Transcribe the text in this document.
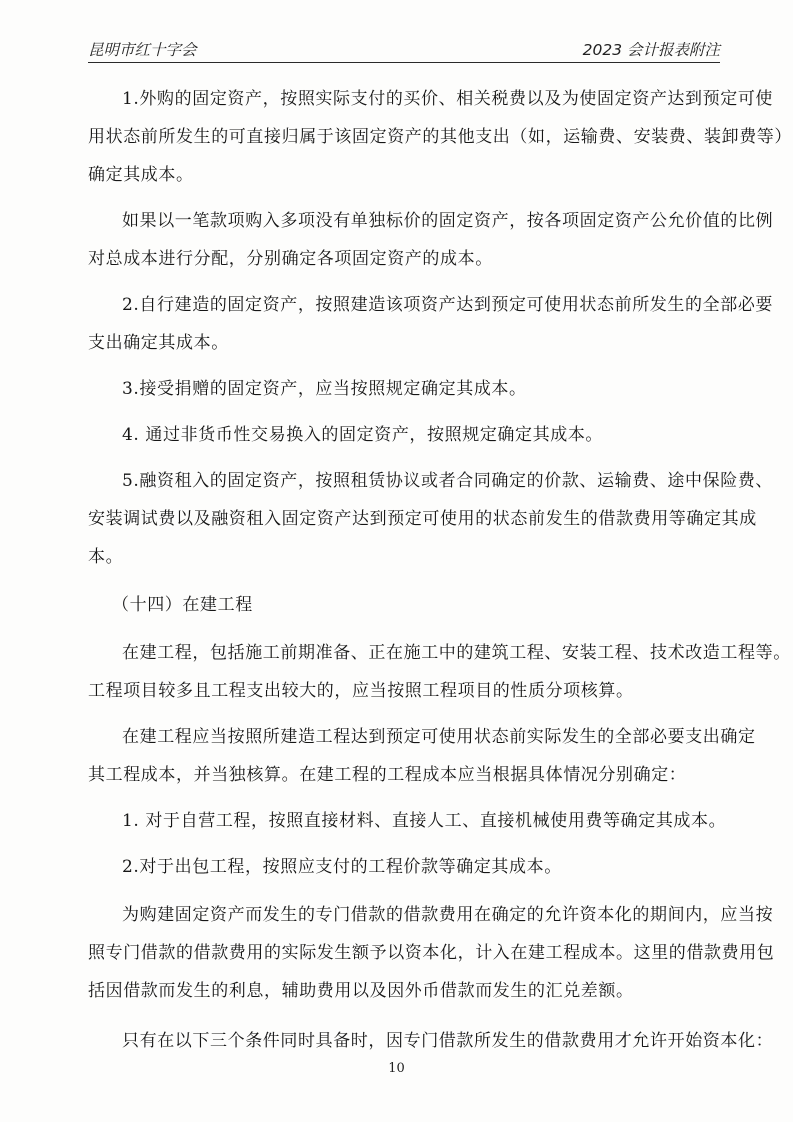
昆明市红十字会	2023 会计报表附注
1.外购的固定资产，按照实际支付的买价、相关税费以及为使固定资产达到预定可使
用状态前所发生的可直接归属于该固定资产的其他支出（如，运输费、安装费、装卸费等）
确定其成本。
如果以一笔款项购入多项没有单独标价的固定资产，按各项固定资产公允价值的比例
对总成本进行分配，分别确定各项固定资产的成本。
2.自行建造的固定资产，按照建造该项资产达到预定可使用状态前所发生的全部必要
支出确定其成本。
3.接受捐赠的固定资产，应当按照规定确定其成本。
4. 通过非货币性交易换入的固定资产，按照规定确定其成本。
5.融资租入的固定资产，按照租赁协议或者合同确定的价款、运输费、途中保险费、
安装调试费以及融资租入固定资产达到预定可使用的状态前发生的借款费用等确定其成
本。
（十四）在建工程
在建工程，包括施工前期准备、正在施工中的建筑工程、安装工程、技术改造工程等。
工程项目较多且工程支出较大的，应当按照工程项目的性质分项核算。
在建工程应当按照所建造工程达到预定可使用状态前实际发生的全部必要支出确定
其工程成本，并当独核算。在建工程的工程成本应当根据具体情况分别确定：
1. 对于自营工程，按照直接材料、直接人工、直接机械使用费等确定其成本。
2.对于出包工程，按照应支付的工程价款等确定其成本。
为购建固定资产而发生的专门借款的借款费用在确定的允许资本化的期间内，应当按
照专门借款的借款费用的实际发生额予以资本化，计入在建工程成本。这里的借款费用包
括因借款而发生的利息，辅助费用以及因外币借款而发生的汇兑差额。
只有在以下三个条件同时具备时，因专门借款所发生的借款费用才允许开始资本化：
10
